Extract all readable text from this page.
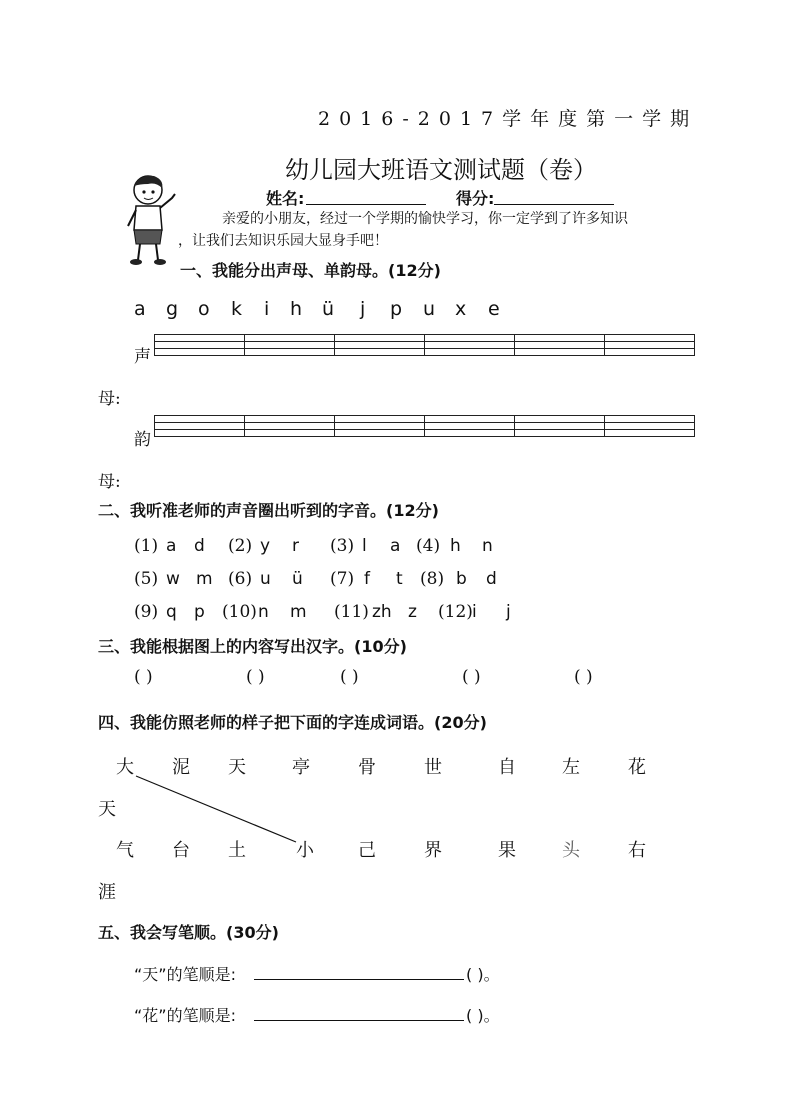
2016-2017学年度第一学期
幼儿园大班语文测试题（卷）
姓名:	得分:
亲爱的小朋友，经过一个学期的愉快学习，你一定学到了许多知识
，让我们去知识乐园大显身手吧！
一、我能分出声母、单韵母。(12分)
a g o k i h ü j p u x e
声

母:
韵

母:
二、我听准老师的声音圈出听到的字音。(12分)
(1) a d (2) y r (3) l a (4) h n
(5) w m (6) u ü (7) f t (8) b d
(9) q p (10) n m (11) zh z (12) i j
三、我能根据图上的内容写出汉字。(10分)
( )	( )	( )	( )	( )
四、我能仿照老师的样子把下面的字连成词语。(20分)
大 泥 天	亭	骨	世	自	左	花
天
气 台 土	小 己	界	果	头	右
涯
五、我会写笔顺。(30分)
“天”的笔顺是:	( )。
“花”的笔顺是:	( )。
